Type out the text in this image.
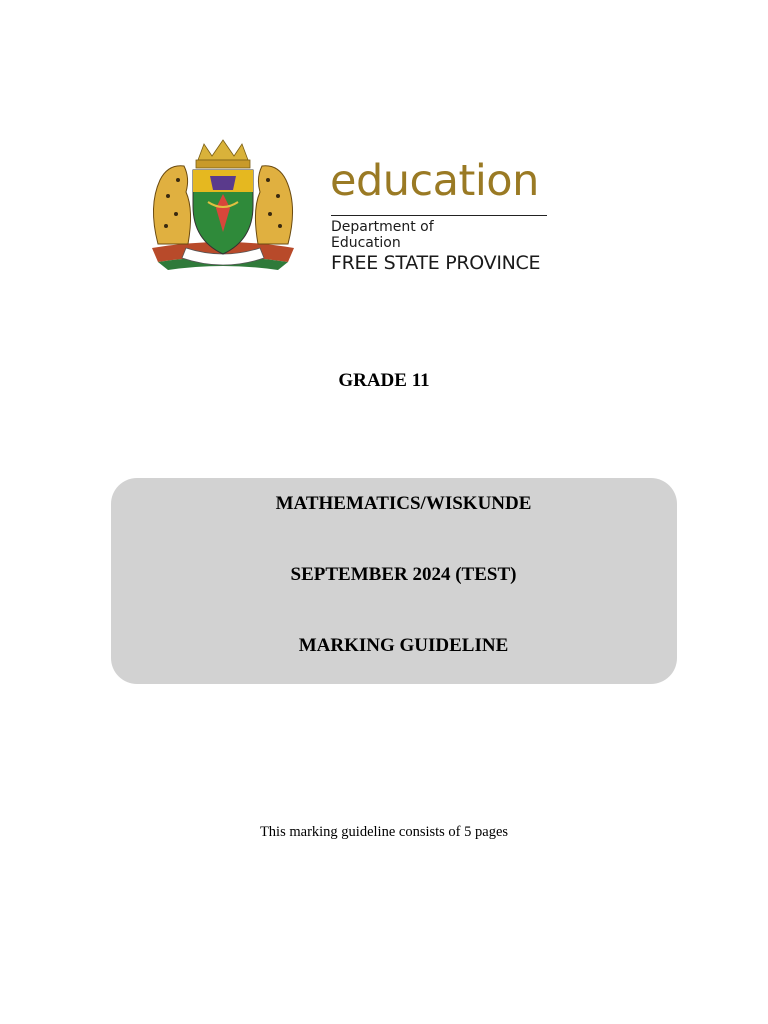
education
Department of
Education
FREE STATE PROVINCE
GRADE 11
MATHEMATICS/WISKUNDE
SEPTEMBER 2024 (TEST)
MARKING GUIDELINE
This marking guideline consists of 5 pages
